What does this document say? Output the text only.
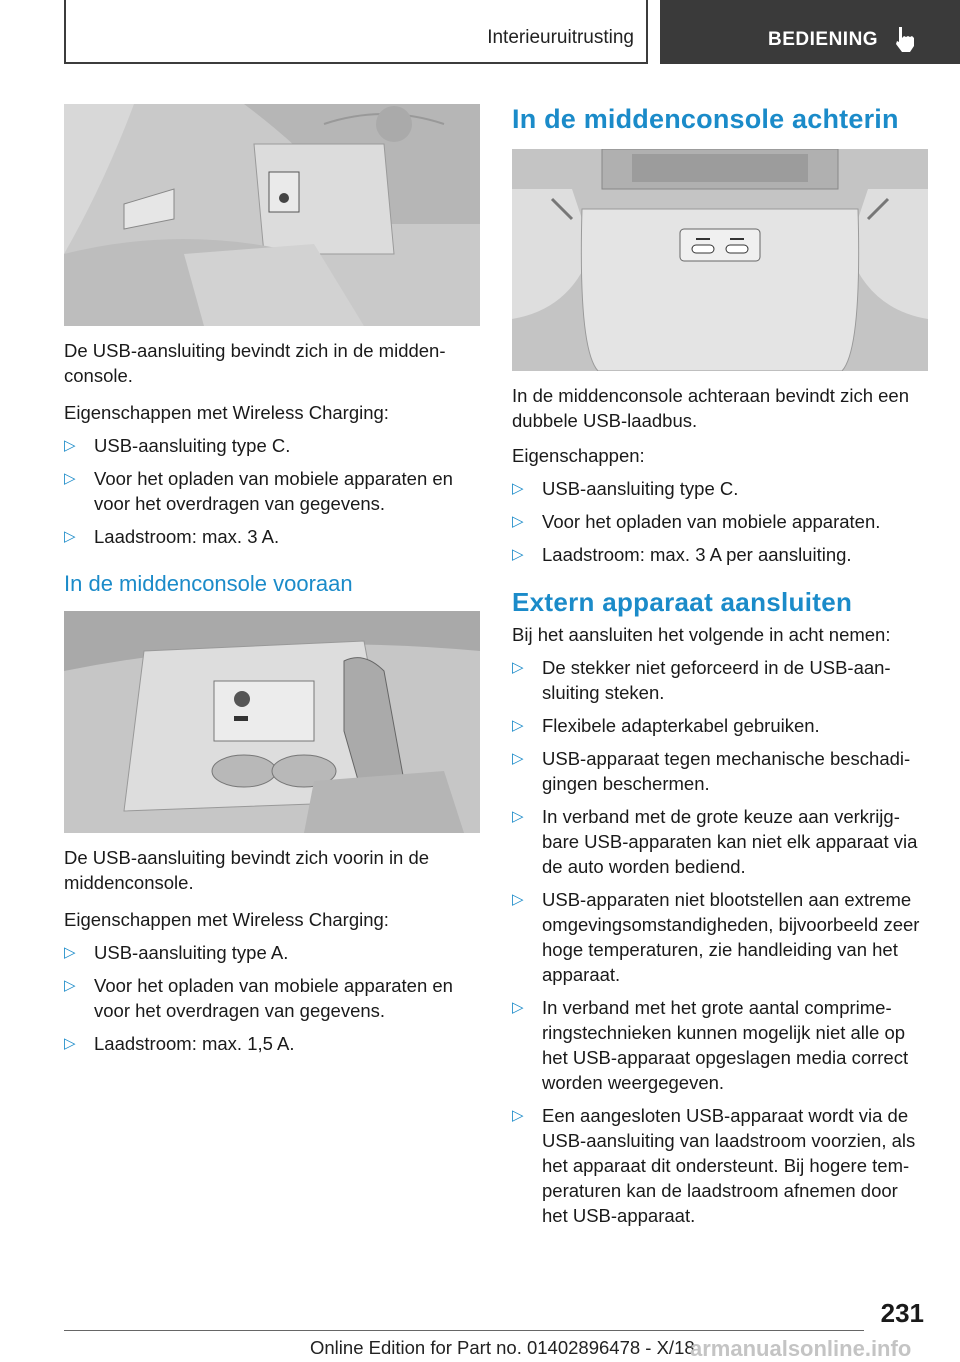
Interieuruitrusting	BEDIENING

De USB-aansluiting bevindt zich in de midden-console.

Eigenschappen met Wireless Charging:

▷ USB-aansluiting type C.
▷ Voor het opladen van mobiele apparaten en voor het overdragen van gegevens.
▷ Laadstroom: max. 3 A.
In de middenconsole vooraan

De USB-aansluiting bevindt zich voorin in de middenconsole.

Eigenschappen met Wireless Charging:

▷ USB-aansluiting type A.
▷ Voor het opladen van mobiele apparaten en voor het overdragen van gegevens.
▷ Laadstroom: max. 1,5 A.
In de middenconsole achterin

In de middenconsole achteraan bevindt zich een dubbele USB-laadbus.

Eigenschappen:

▷ USB-aansluiting type C.
▷ Voor het opladen van mobiele apparaten.
▷ Laadstroom: max. 3 A per aansluiting.
Extern apparaat aansluiten

Bij het aansluiten het volgende in acht nemen:

▷ De stekker niet geforceerd in de USB-aan-sluiting steken.
▷ Flexibele adapterkabel gebruiken.
▷ USB-apparaat tegen mechanische beschadi-gingen beschermen.
▷ In verband met de grote keuze aan verkrijg-bare USB-apparaten kan niet elk apparaat via de auto worden bediend.
▷ USB-apparaten niet blootstellen aan extreme omgevingsomstandigheden, bijvoorbeeld zeer hoge temperaturen, zie handleiding van het apparaat.
▷ In verband met het grote aantal comprime-ringstechnieken kunnen mogelijk niet alle op het USB-apparaat opgeslagen media correct worden weergegeven.
▷ Een aangesloten USB-apparaat wordt via de USB-aansluiting van laadstroom voorzien, als het apparaat dit ondersteunt. Bij hogere tem-peraturen kan de laadstroom afnemen door het USB-apparaat.
231
Online Edition for Part no. 01402896478 - X/18
armanualsonline.info
